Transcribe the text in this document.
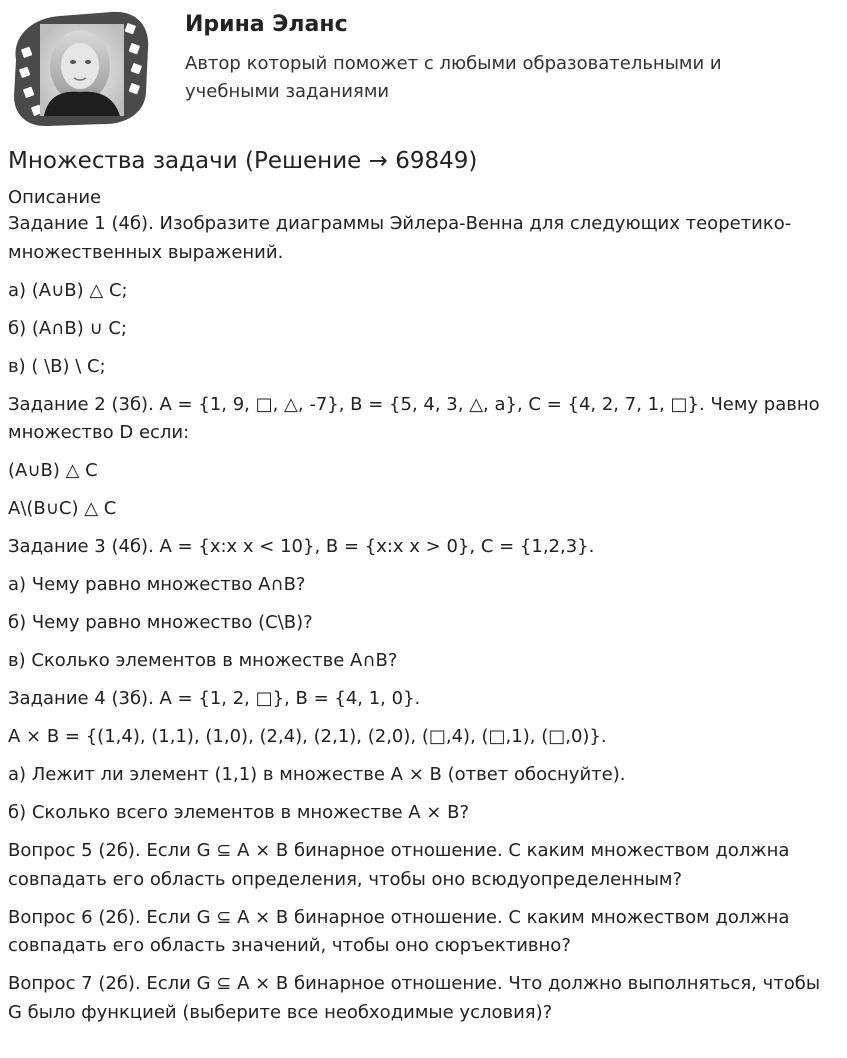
Ирина Эланс
Автор который поможет с любыми образовательными и учебными заданиями
Множества задачи (Решение → 69849)

Описание

Задание 1 (4б). Изобразите диаграммы Эйлера-Венна для следующих теоретико-множественных выражений.

а) (A∪B) △ C;

б) (A∩B) ∪ C;

в) ( \B) \ C;

Задание 2 (3б). A = {1, 9, □, △, -7}, B = {5, 4, 3, △, a}, C = {4, 2, 7, 1, □}. Чему равно множество D если:

(A∪B) △ C

A\(B∪C) △ C

Задание 3 (4б). A = {x:x x < 10}, B = {x:x x > 0}, C = {1,2,3}.

а) Чему равно множество A∩B?

б) Чему равно множество (C\B)?

в) Сколько элементов в множестве A∩B?

Задание 4 (3б). A = {1, 2, □}, B = {4, 1, 0}.

A × B = {(1,4), (1,1), (1,0), (2,4), (2,1), (2,0), (□,4), (□,1), (□,0)}.

а) Лежит ли элемент (1,1) в множестве A × B (ответ обоснуйте).

б) Сколько всего элементов в множестве A × B?

Вопрос 5 (2б). Если G ⊆ A × B бинарное отношение. С каким множеством должна совпадать его область определения, чтобы оно всюдуопределенным?

Вопрос 6 (2б). Если G ⊆ A × B бинарное отношение. С каким множеством должна совпадать его область значений, чтобы оно сюръективно?

Вопрос 7 (2б). Если G ⊆ A × B бинарное отношение. Что должно выполняться, чтобы G было функцией (выберите все необходимые условия)?
